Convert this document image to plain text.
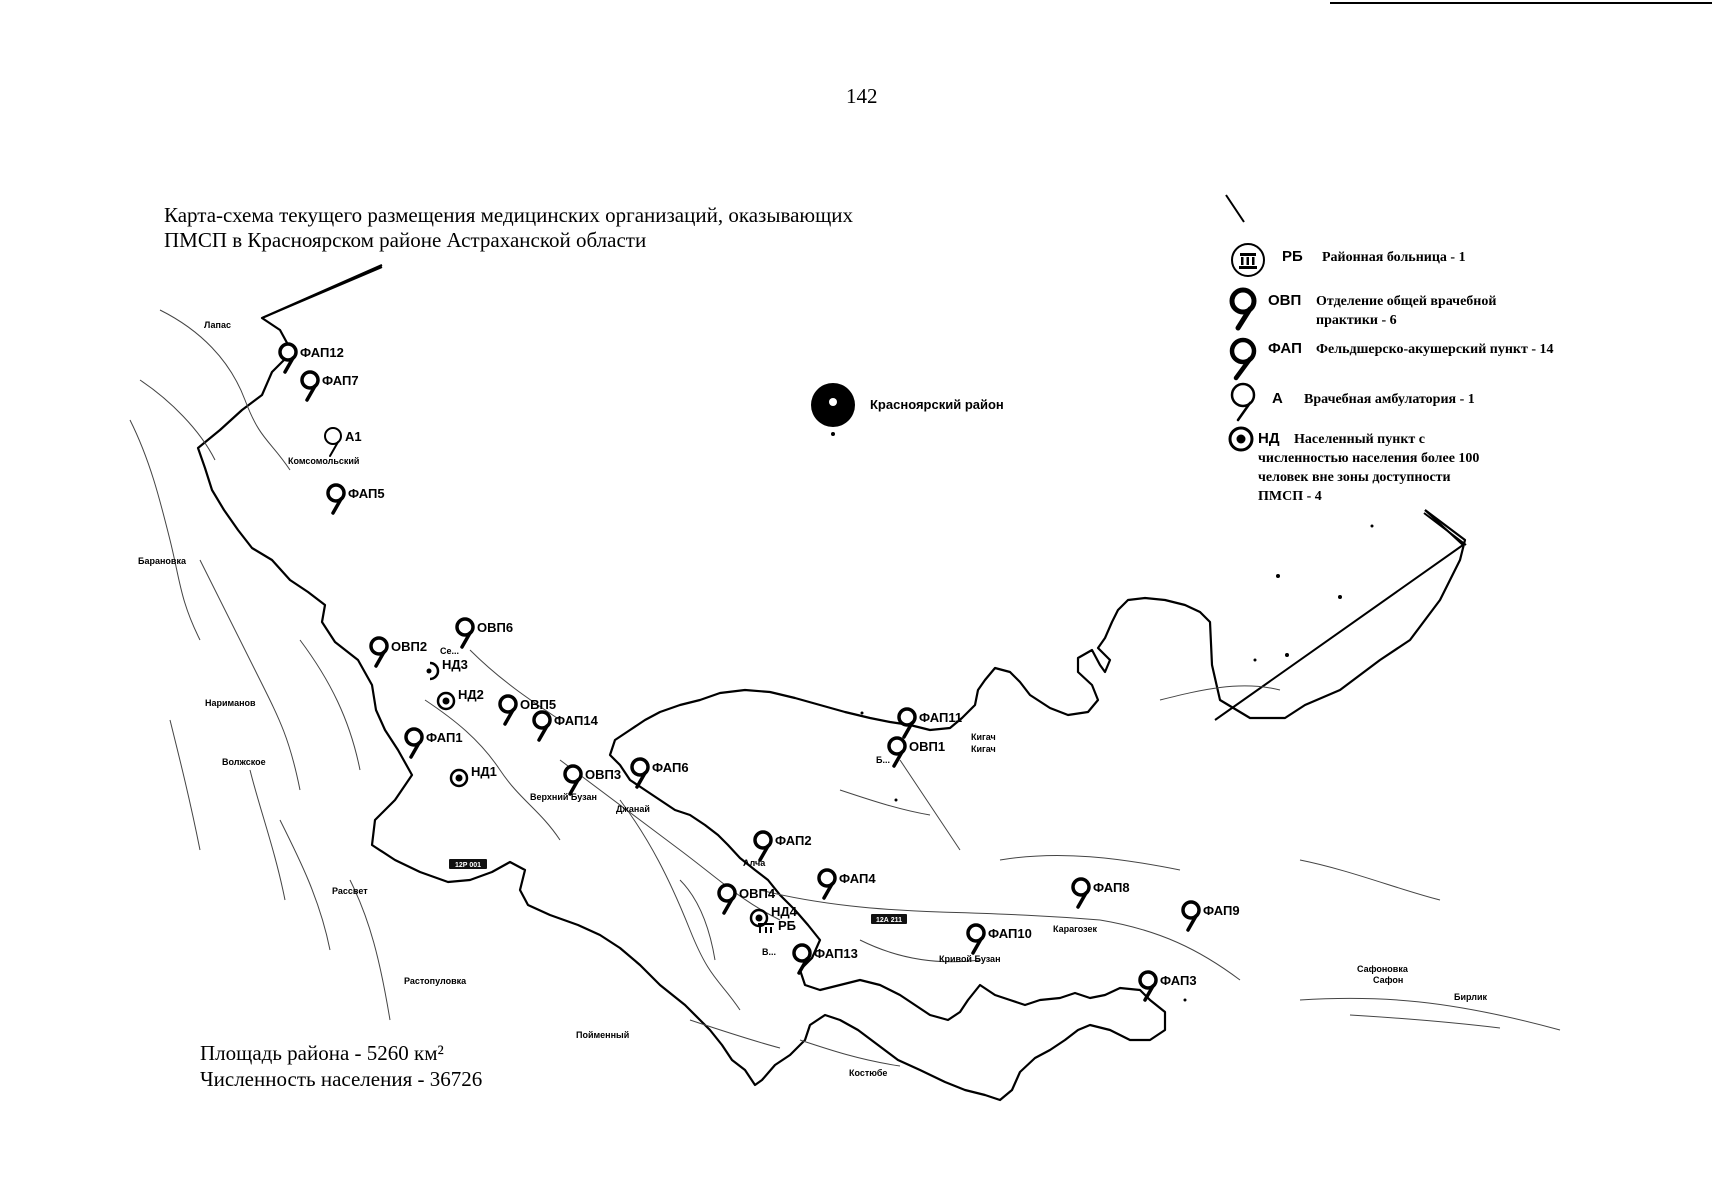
142
Карта-схема текущего размещения медицинских организаций, оказывающих
ПМСП в Красноярском районе Астраханской области
12Р 001
12А 211
Красноярский район
Лапас
Комсомольский
Барановка
Се...
Нариманов
Волжское
Верхний Бузан
Джанай
Б...
Кигач
Кигач
Алча
Рассвет
Растопуловка
Карагозек
Кривой Бузан
Сафоновка
Сафон
Бирлик
Пойменный
Костюбе
В...
ФАП12
ФАП7
А1
ФАП5
ОВП6
ОВП2
НД3
НД2
ОВП5
ФАП14
ФАП1
НД1	ОВП3 ФАП6
ФАП11
ОВП1
ФАП2
ФАП4
ОВП4
НД4
РБ
ФАП13
ФАП10
ФАП8
ФАП9
ФАП3
РБ Районная больница - 1
ОВП Отделение общей врачебной практики - 6
ФАП Фельдшерско-акушерский пункт - 14
А Врачебная амбулатория - 1
НД	Населенный пункт с численностью населения более 100 человек вне зоны доступности ПМСП - 4
Площадь района - 5260 км²
Численность населения - 36726
